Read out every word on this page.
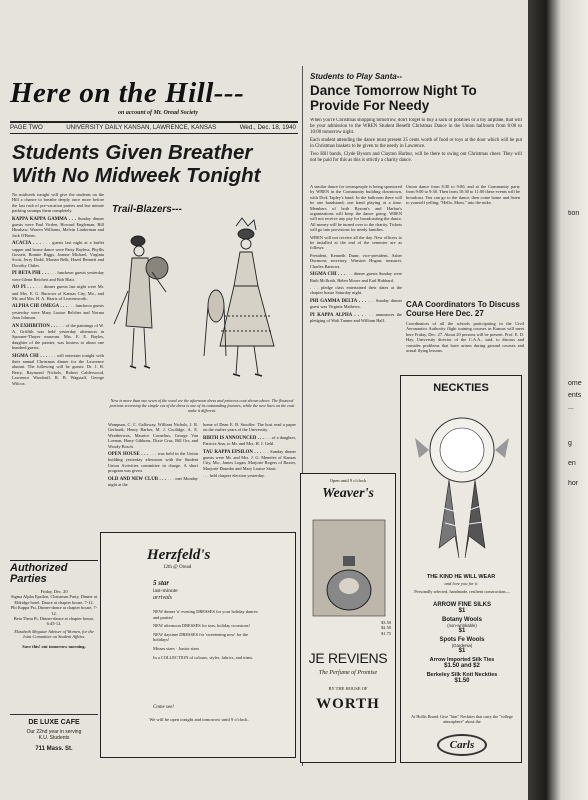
Here on the Hill---
on account of Mt. Oread Society
PAGE TWO	UNIVERSITY DAILY KANSAN, LAWRENCE, KANSAS	Wed., Dec. 18, 1940
Students Given Breather With No Midweek Tonight

No midweek tonight will give the students on the Hill a chance to breathe deeply once more before the last rush of pre-vacation parties and last minute packing swamps them completely.

KAPPA KAPPA GAMMA . . . Sunday dinner guests were Paul Virden, Howard Engleman, Bill Hinshaw, Warren Williams, Melvin Linderman and Jack O'Brien.

ACACIA . . . . . . guests last night at a buffet supper and house dance were Patsy Bayless, Phyllis Gossett, Bonnie Biggs, Joanne Michael, Virginia Scott, Jerry Dodd, Marian Belk, Hazel Bennett and Dorothy Chiles.

PI BETA PHI . . . . . . luncheon guests yesterday were Glenn Reichert and Bob Blair.

AO PI . . . . . . dinner guests last night were Mr. and Mrs. E. G. Burrows of Kansas City, Mo., and Mr. and Mrs. H. A. Harris of Leavenworth.

ALPHA CHI OMEGA . . . . . . luncheon guests yesterday were Mary Louise Belcher and Norma Jean Johnson.

AN EXHIBITION . . . . . . of the paintings of W. A. Griffith was held yesterday afternoon in Spooner-Thayer museum. Mrs. E. E. Bayles, daughter of the painter, was hostess to about one hundred guests.

SIGMA CHI . . . . . . will entertain tonight with their annual Christmas dinner for the Lawrence alumni. The following will be guests: Dr. J. R. Berry, Raymond Nichols, Robert Calderwood, Lawrence Woodruff, R. B. Wagstaff, George Wilcox.

Trail-Blazers---
Now is more than one sewn of the word ere the afternoon dress and princess coat shown above. The flounced portions screening the simple cut of the dress is one of its outstanding features, while the new lines on the coat make it different.

Wampum, C. C. Galloway, William Nichols, J. R. Gerhardt, Henry Barber, M. J. Coolidge, A. E. Weatherwax, Maurice Cornelius, George Van Loenan, Harry Gibbons, Dixie Crus, Bill Orr, and Woody Bosch.

OPEN HOUSE . . . . . . was held in the Union building yesterday afternoon with the Student Union Activities committee in charge. A short program was given.

OLD AND NEW CLUB . . . . . . met Monday night at the

home of Dean E. B. Stouffer. The host read a paper on the earlier years of the University.

BIRTH IS ANNOUNCED . . . . . . of a daughter, Patricia Ann, to Mr. and Mrs. H. J. Gehl.

TAU KAPPA EPSILON . . . . . . Sunday dinner guests were Mr. and Mrs. J. G. Menefee of Kansas City, Mo., James Logan, Marjorie Rogers of Baxter, Marjorie Drumbo and Mary Louise Stout.

. . . held chapter election yesterday.

Authorized Parties
Friday, Dec. 20
Sigma Alpha Epsilon, Christmas Party, Dinner at Eldridge hotel. Dance at chapter house, 7-12.
Phi Kappa Psi, Dinner-dance at chapter house, 7-12.
Beta Theta Pi, Dinner-dance at chapter house, 6:45-12.
Elizabeth Meguiar Adviser of Women, for the Joint Committee on Student Affairs.
Save this! out tomorrow morning.
DE LUXE CAFE
Our 22nd year in serving
K.U. Students
711 Mass. St.
Herzfeld's
12th @ Oread
5 star
last-minute
arrivals

NEW dinner 'n' evening DRESSES for your holiday dances and parties!

NEW afternoon DRESSES for teas, holiday occasions!

NEW daytime DRESSES for 'sweetening now' for the holidays!

Misses sizes · Junior sizes

In a COLLECTION of colours, styles, fabrics, and trims.

Come see!
We will be open tonight and tomorrow until 9 o'clock.
Students to Play Santa--
Dance Tomorrow Night To Provide For Needy

When you're Christmas shopping tomorrow, don't forget to buy a sack of potatoes or a toy airplane, that will be your admission to the WREN Student Benefit Christmas Dance in the Union ballroom from 8:00 to 10:00 tomorrow night.

Each student attending the dance must present 25 cents worth of food or toys at the door which will be put in Christmas baskets to be given to the needy in Lawrence.

Two Hill bands, Clyde Bysom and Clayton Harbur, will be there to swing out Christmas cheer. They will not be paid for this as this is strictly a charity dance.

A similar dance for townspeople is being sponsored by WREN in the Community building downtown, with Dick Tapley's band. In the ballroom there will be one bandstand; one band playing at a time. Members of both Bysom's and Harbur's organizations will keep the dance going. WREN will not receive any pay for broadcasting the dance. All money will be turned over to the charity. Tickets will go into provisions for needy families.

WREN will not receive all the day. New officers to be installed at the end of the semester are as follows:

President, Kenneth Dunn; vice-president, Asher Dormont; secretary, Winston Hogan; treasurer, Charles Barrows.

SIGMA CHI . . . . . . dinner guests Sunday were Ruth McIlrath, Helen Moore and Earl Hubbard.

. . . pledge class entertained their dates at the chapter house Saturday night.

PHI GAMMA DELTA . . . . . . Sunday dinner guest was Virginia Mathews.

PI KAPPA ALPHA . . . . . . announces the pledging of Walt Tanner and William Hall.

Union dance from 8:30 to 9:00, and at the Community party from 9:00 to 9:30. Then from 10:30 to 11:00 these events will be broadcast. You can go to the dance, then come home and listen to yourself yelling, "Hello, Mom," into the mike.

CAA Coordinators To Discuss Course Here Dec. 27
Coordinators of all the schools participating in the Civil Aeronautics Authority flight training courses in Kansas will meet here Friday, Dec. 27. About 20 persons will be present. Prof. E. D. Hay, University director of the C.A.A., said, to discuss and consider problems that have arisen during ground courses and actual flying lessons.
Open until 9 o'clock
Weaver's
$3.50
$2.50
$1.75
JE REVIENS
The Perfume of Promise
BY THE HOUSE OF
WORTH
NECKTIES
THE KIND HE WILL WEAR
and love you for it
Personally selected, handmade, resilient construction—
ARROW FINE SILKS
$1
Botany Wools
(non-wrinkable)
$1
Spots Fe Wools
(Gardenia)
$1
Arrow Imported Silk Ties
$1.50 and $2
Berkeley Silk Knit Neckties
$1.50
At Hollis Brand. Give "him" Neckties that carry the "college atmosphere" about the
Carls
tion
ome
ents
...
g
en
hor
